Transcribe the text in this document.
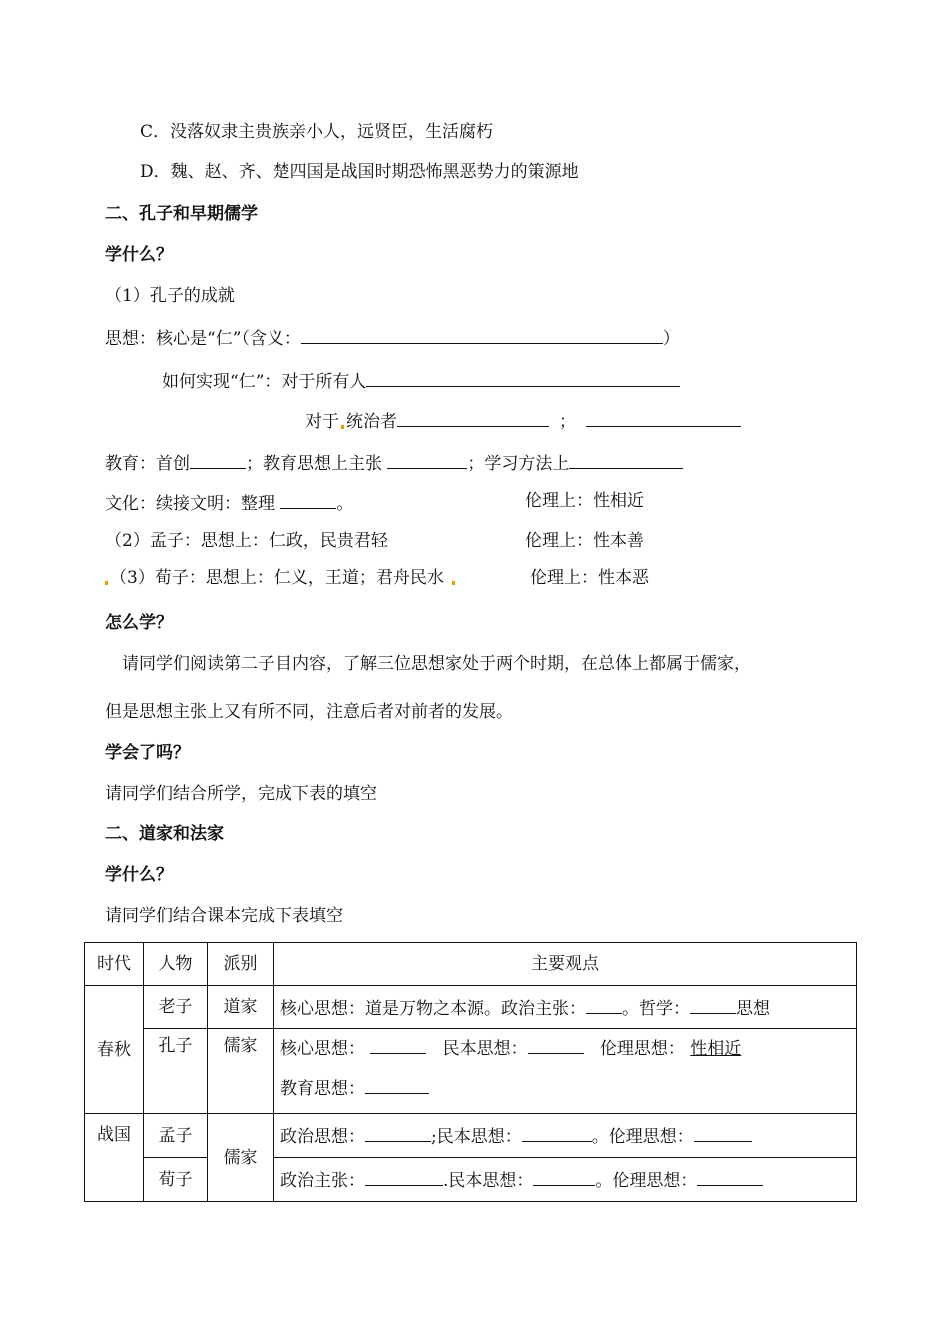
C．没落奴隶主贵族亲小人，远贤臣，生活腐朽
D．魏、赵、齐、楚四国是战国时期恐怖黑恶势力的策源地
二、孔子和早期儒学
学什么？
（1）孔子的成就
思想：核心是“仁”（含义：	）
如何实现“仁”：对于所有人
对于 统治者	；
教育：首创	；教育思想上主张	；学习方法上
文化：续接文明：整理	。	伦理上：性相近
（2）孟子：思想上：仁政，民贵君轻	伦理上：性本善
（3）荀子：思想上：仁义，王道；君舟民水	伦理上：性本恶
怎么学？
请同学们阅读第二子目内容，了解三位思想家处于两个时期，在总体上都属于儒家，
但是思想主张上又有所不同，注意后者对前者的发展。
学会了吗？
请同学们结合所学，完成下表的填空
二、道家和法家
学什么？
请同学们结合课本完成下表填空
时代	人物	派别	主要观点
春秋	老子	道家	核心思想：道是万物之本源。政治主张： 。哲学： 思想
	孔子	儒家	核心思想： 民本思想： 伦理思想： 性相近
教育思想：

战国	孟子	儒家	政治思想： ;民本思想： 。伦理思想：
	荀子		政治主张： .民本思想： 。伦理思想：
